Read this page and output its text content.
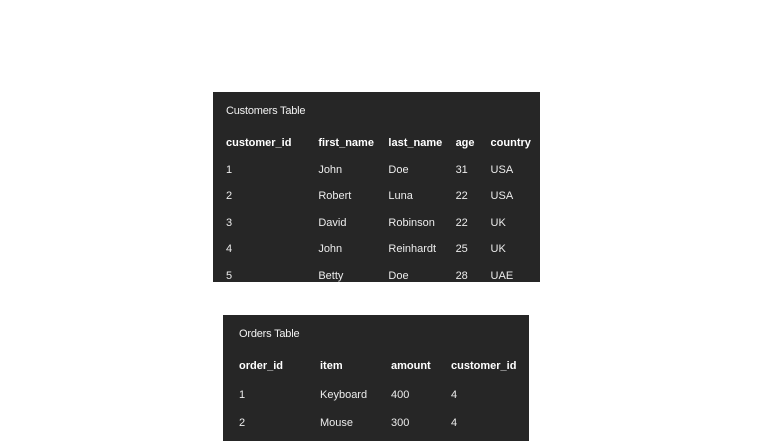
Customers Table
customer_id	first_name	last_name	age	country
1	John	Doe	31	USA
2	Robert	Luna	22	USA
3	David	Robinson	22	UK
4	John	Reinhardt	25	UK
5	Betty	Doe	28	UAE
Orders Table
order_id	item	amount	customer_id
1	Keyboard	400	4
2	Mouse	300	4
